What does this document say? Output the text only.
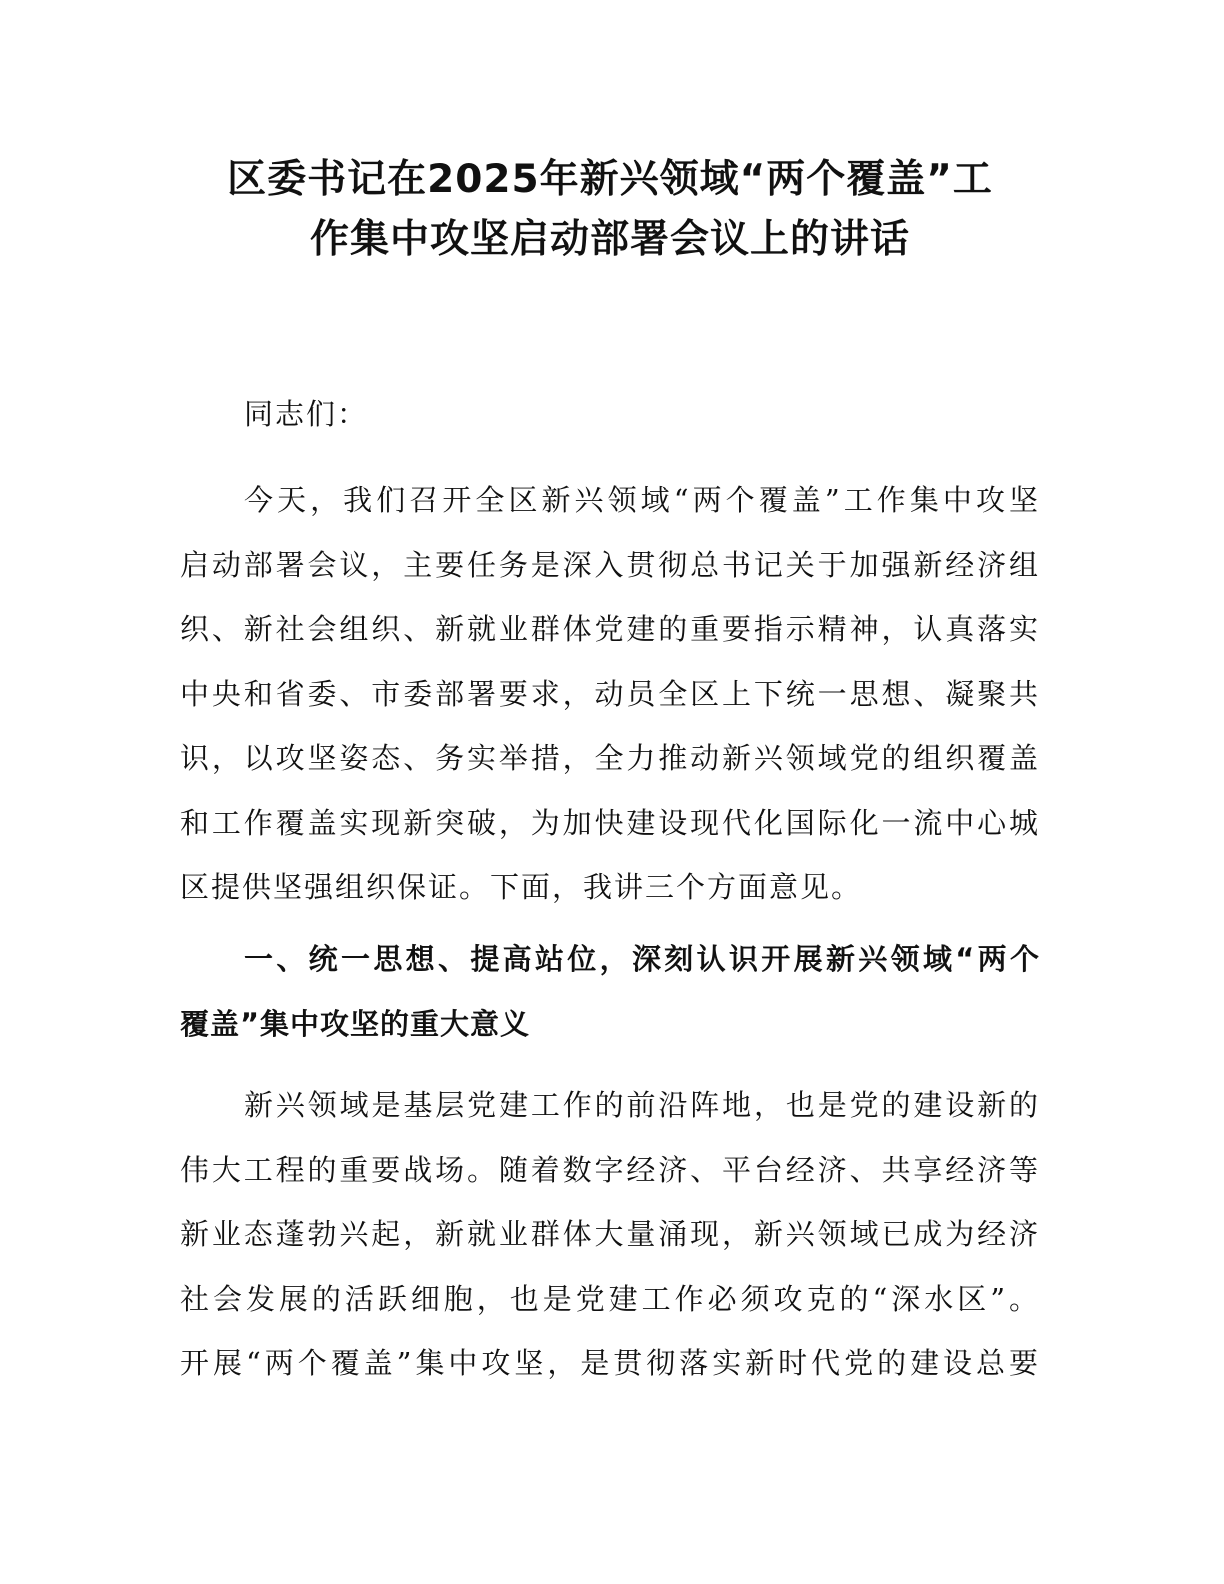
区委书记在2025年新兴领域“两个覆盖”工
作集中攻坚启动部署会议上的讲话

同志们：

今天，我们召开全区新兴领域“两个覆盖”工作集中攻坚
启动部署会议，主要任务是深入贯彻总书记关于加强新经济组
织、新社会组织、新就业群体党建的重要指示精神，认真落实
中央和省委、市委部署要求，动员全区上下统一思想、凝聚共
识，以攻坚姿态、务实举措，全力推动新兴领域党的组织覆盖
和工作覆盖实现新突破，为加快建设现代化国际化一流中心城
区提供坚强组织保证。下面，我讲三个方面意见。
一、统一思想、提高站位，深刻认识开展新兴领域“两个
覆盖”集中攻坚的重大意义
新兴领域是基层党建工作的前沿阵地，也是党的建设新的
伟大工程的重要战场。随着数字经济、平台经济、共享经济等
新业态蓬勃兴起，新就业群体大量涌现，新兴领域已成为经济
社会发展的活跃细胞，也是党建工作必须攻克的“深水区”。
开展“两个覆盖”集中攻坚，是贯彻落实新时代党的建设总要
